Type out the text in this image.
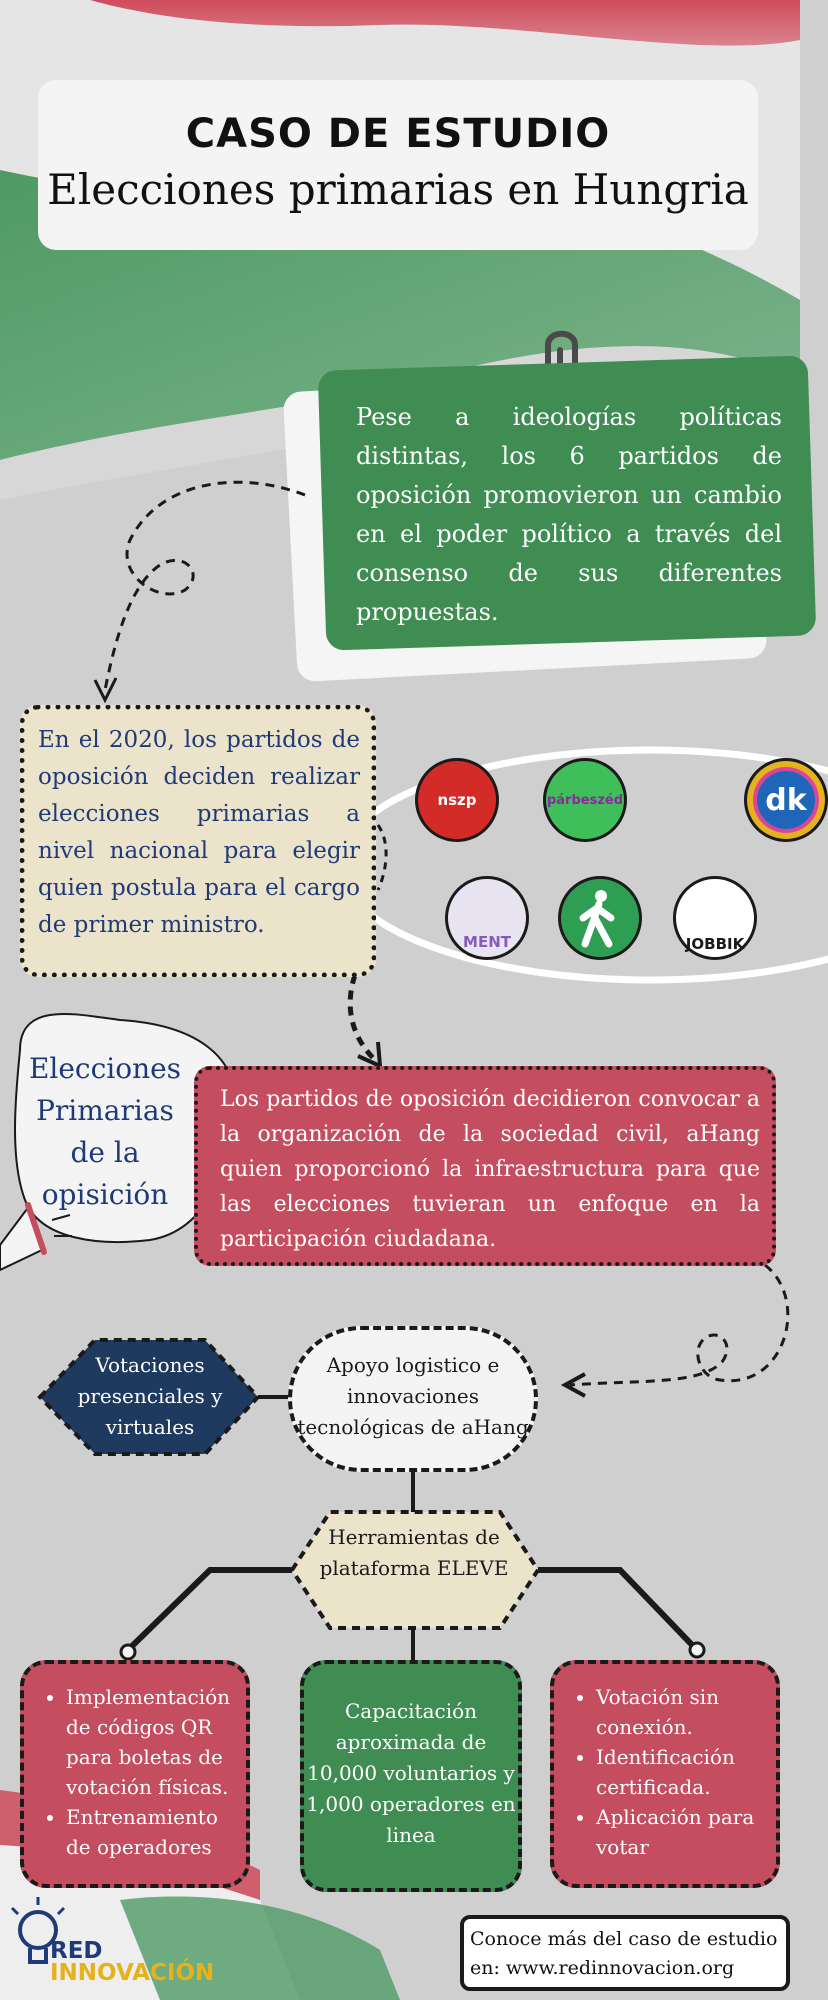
CASO DE ESTUDIO
Elecciones primarias en Hungria
Pese a ideologías políticas distintas, los 6 partidos de oposición promovieron un cambio en el poder político a través del consenso de sus diferentes propuestas.
En el 2020, los partidos de oposición deciden realizar elecciones primarias a nivel nacional para elegir quien postula para el cargo de primer ministro.
nszp	párbeszéd	dk
MENT	JOBBIK
Elecciones Primarias de la opisición
Los partidos de oposición decidieron convocar a la organización de la sociedad civil, aHang quien proporcionó la infraestructura para que las elecciones tuvieran un enfoque en la participación ciudadana.
Votaciones presenciales y virtuales
Apoyo logistico e innovaciones tecnológicas de aHang
Herramientas de plataforma ELEVE
• Implementación de códigos QR para boletas de votación físicas.
• Entrenamiento de operadores
Capacitación aproximada de 10,000 voluntarios y 1,000 operadores en linea
• Votación sin conexión.
• Identificación certificada.
• Aplicación para votar
RED
INNOVACIÓN
Conoce más del caso de estudio
en: www.redinnovacion.org
